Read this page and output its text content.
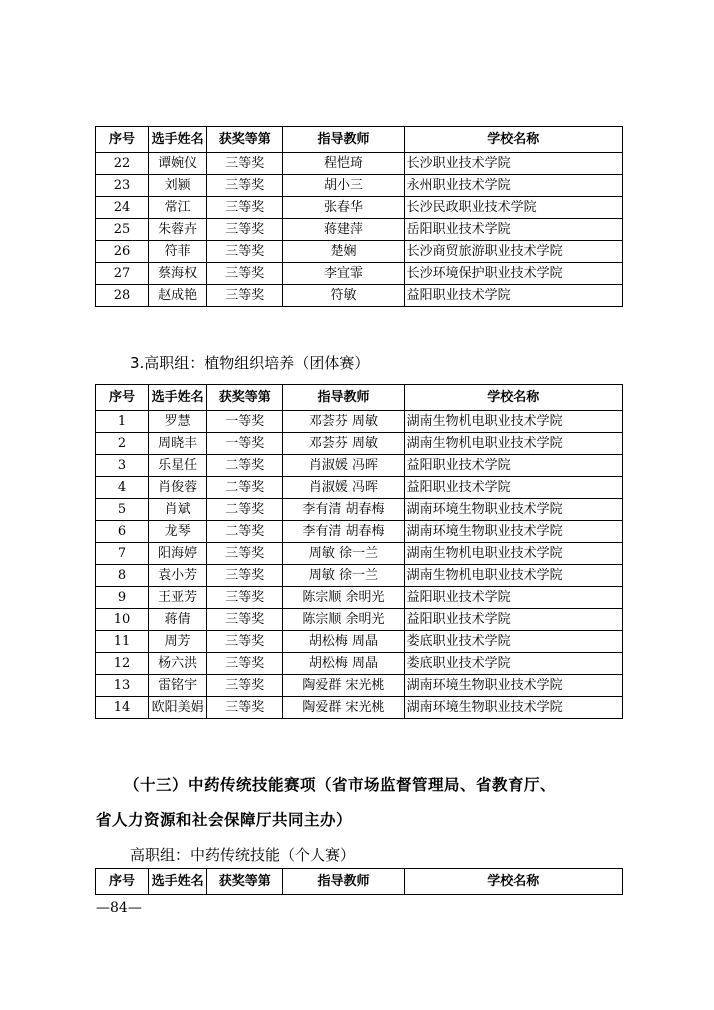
序号	选手姓名	获奖等第	指导教师	学校名称
22	谭婉仪	三等奖	程恺琦	长沙职业技术学院
23	刘颍	三等奖	胡小三	永州职业技术学院
24	常江	三等奖	张春华	长沙民政职业技术学院
25	朱蓉卉	三等奖	蒋建萍	岳阳职业技术学院
26	符菲	三等奖	楚娴	长沙商贸旅游职业技术学院
27	蔡海权	三等奖	李宜霏	长沙环境保护职业技术学院
28	赵成艳	三等奖	符敏	益阳职业技术学院
3.高职组：植物组织培养（团体赛）
序号	选手姓名	获奖等第	指导教师	学校名称
1	罗慧	一等奖	邓荟芬 周敏	湖南生物机电职业技术学院
2	周晓丰	一等奖	邓荟芬 周敏	湖南生物机电职业技术学院
3	乐星任	二等奖	肖淑媛 冯晖	益阳职业技术学院
4	肖俊蓉	二等奖	肖淑媛 冯晖	益阳职业技术学院
5	肖斌	二等奖	李有清 胡春梅	湖南环境生物职业技术学院
6	龙琴	二等奖	李有清 胡春梅	湖南环境生物职业技术学院
7	阳海婷	三等奖	周敏 徐一兰	湖南生物机电职业技术学院
8	袁小芳	三等奖	周敏 徐一兰	湖南生物机电职业技术学院
9	王亚芳	三等奖	陈宗顺 余明光	益阳职业技术学院
10	蒋倩	三等奖	陈宗顺 余明光	益阳职业技术学院
11	周芳	三等奖	胡松梅 周晶	娄底职业技术学院
12	杨六洪	三等奖	胡松梅 周晶	娄底职业技术学院
13	雷铭宇	三等奖	陶爱群 宋光桃	湖南环境生物职业技术学院
14	欧阳美娟	三等奖	陶爱群 宋光桃	湖南环境生物职业技术学院
（十三）中药传统技能赛项（省市场监督管理局、省教育厅、
省人力资源和社会保障厅共同主办）
高职组：中药传统技能（个人赛）
序号	选手姓名	获奖等第	指导教师	学校名称
—84—
